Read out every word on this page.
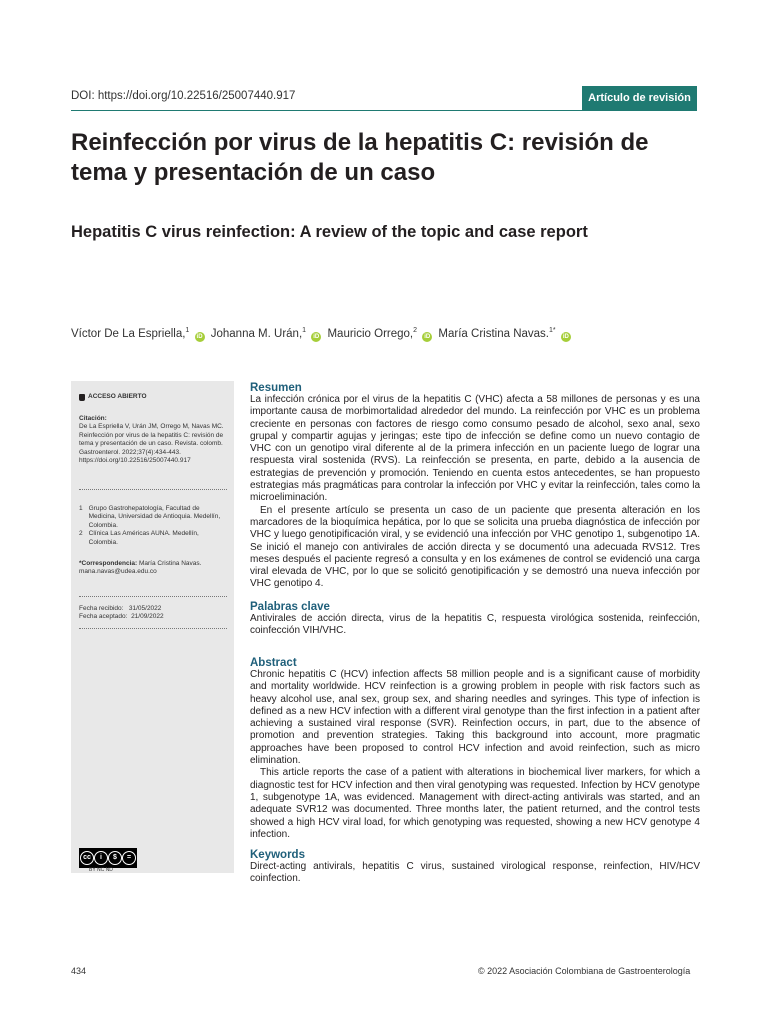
DOI: https://doi.org/10.22516/25007440.917	Artículo de revisión
Reinfección por virus de la hepatitis C: revisión de tema y presentación de un caso
Hepatitis C virus reinfection: A review of the topic and case report
Víctor De La Espriella,$^1$ iD Johanna M. Urán,$^1$ iD Mauricio Orrego,$^2$ iD María Cristina Navas.$^{1*}$ iD
ACCESO ABIERTO
Citación:
De La Espriella V, Urán JM, Orrego M, Navas MC. Reinfección por virus de la hepatitis C: revisión de tema y presentación de un caso. Revista. colomb. Gastroenterol. 2022;37(4):434-443. https://doi.org/10.22516/25007440.917
1 Grupo Gastrohepatología, Facultad de Medicina, Universidad de Antioquia. Medellín, Colombia.
2 Clínica Las Américas AUNA. Medellín, Colombia.
*Correspondencia: María Cristina Navas.
mana.navas@udea.edu.co
Fecha recibido: 31/05/2022
Fecha aceptado: 21/09/2022
cc	i	$	=
BY NC ND
Resumen

La infección crónica por el virus de la hepatitis C (VHC) afecta a 58 millones de personas y es una importante causa de morbimortalidad alrededor del mundo. La reinfección por VHC es un problema creciente en personas con factores de riesgo como consumo pesado de alcohol, sexo anal, sexo grupal y compartir agujas y jeringas; este tipo de infección se define como un nuevo contagio de VHC con un genotipo viral diferente al de la primera infección en un paciente luego de lograr una respuesta viral sostenida (RVS). La reinfección se presenta, en parte, debido a la ausencia de estrategias de prevención y promoción. Teniendo en cuenta estos antecedentes, se han propuesto estrategias más pragmáticas para controlar la infección por VHC y evitar la reinfección, tales como la microeliminación.

En el presente artículo se presenta un caso de un paciente que presenta alteración en los marcadores de la bioquímica hepática, por lo que se solicita una prueba diagnóstica de infección por VHC y luego genotipificación viral, y se evidenció una infección por VHC genotipo 1, subgenotipo 1A. Se inició el manejo con antivirales de acción directa y se documentó una adecuada RVS12. Tres meses después el paciente regresó a consulta y en los exámenes de control se evidenció una carga viral elevada de VHC, por lo que se solicitó genotipificación y se demostró una nueva infección por VHC genotipo 4.

Palabras clave

Antivirales de acción directa, virus de la hepatitis C, respuesta virológica sostenida, reinfección, coinfección VIH/VHC.

Abstract

Chronic hepatitis C (HCV) infection affects 58 million people and is a significant cause of morbidity and mortality worldwide. HCV reinfection is a growing problem in people with risk factors such as heavy alcohol use, anal sex, group sex, and sharing needles and syringes. This type of infection is defined as a new HCV infection with a different viral genotype than the first infection in a patient after achieving a sustained viral response (SVR). Reinfection occurs, in part, due to the absence of promotion and prevention strategies. Taking this background into account, more pragmatic approaches have been proposed to control HCV infection and avoid reinfection, such as micro elimination.

This article reports the case of a patient with alterations in biochemical liver markers, for which a diagnostic test for HCV infection and then viral genotyping was requested. Infection by HCV genotype 1, subgenotype 1A, was evidenced. Management with direct-acting antivirals was started, and an adequate SVR12 was documented. Three months later, the patient returned, and the control tests showed a high HCV viral load, for which genotyping was requested, showing a new HCV genotype 4 infection.

Keywords

Direct-acting antivirals, hepatitis C virus, sustained virological response, reinfection, HIV/HCV coinfection.

434	© 2022 Asociación Colombiana de Gastroenterología
